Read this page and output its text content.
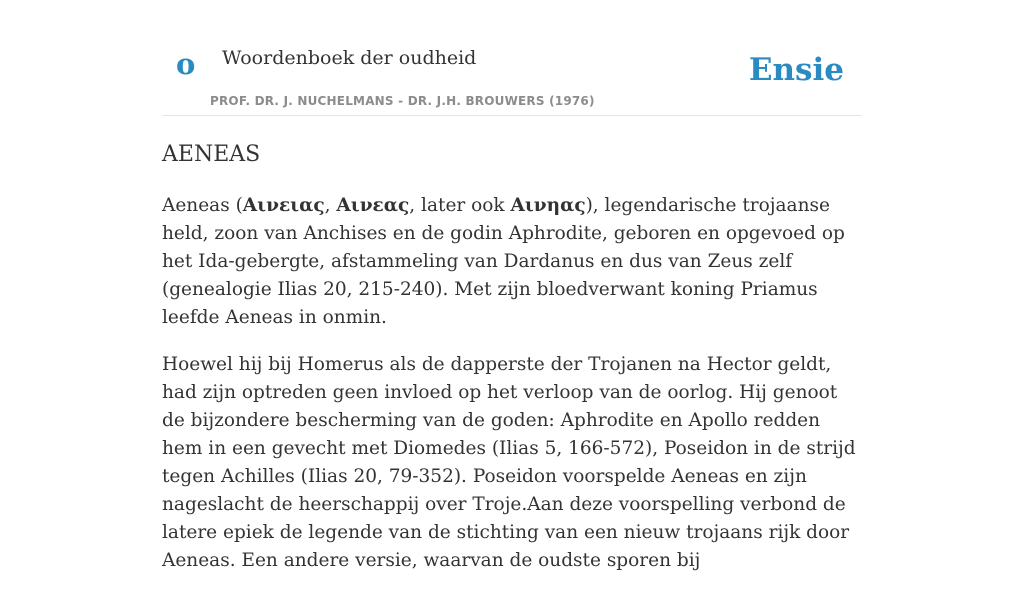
o Woordenboek der oudheid
PROF. DR. J. NUCHELMANS - DR. J.H. BROUWERS (1976)
Ensie
AENEAS

Aeneas (Αινειας, Αινεας, later ook Αινηας), legendarische trojaanse held, zoon van Anchises en de godin Aphrodite, geboren en opgevoed op het Ida-gebergte, afstammeling van Dardanus en dus van Zeus zelf (genealogie Ilias 20, 215-240). Met zijn bloedverwant koning Priamus leefde Aeneas in onmin.

Hoewel hij bij Homerus als de dapperste der Trojanen na Hector geldt, had zijn optreden geen invloed op het verloop van de oorlog. Hij genoot de bijzondere bescherming van de goden: Aphrodite en Apollo redden hem in een gevecht met Diomedes (Ilias 5, 166-572), Poseidon in de strijd tegen Achilles (Ilias 20, 79-352). Poseidon voorspelde Aeneas en zijn nageslacht de heerschappij over Troje.Aan deze voorspelling verbond de latere epiek de legende van de stichting van een nieuw trojaans rijk door Aeneas. Een andere versie, waarvan de oudste sporen bij
